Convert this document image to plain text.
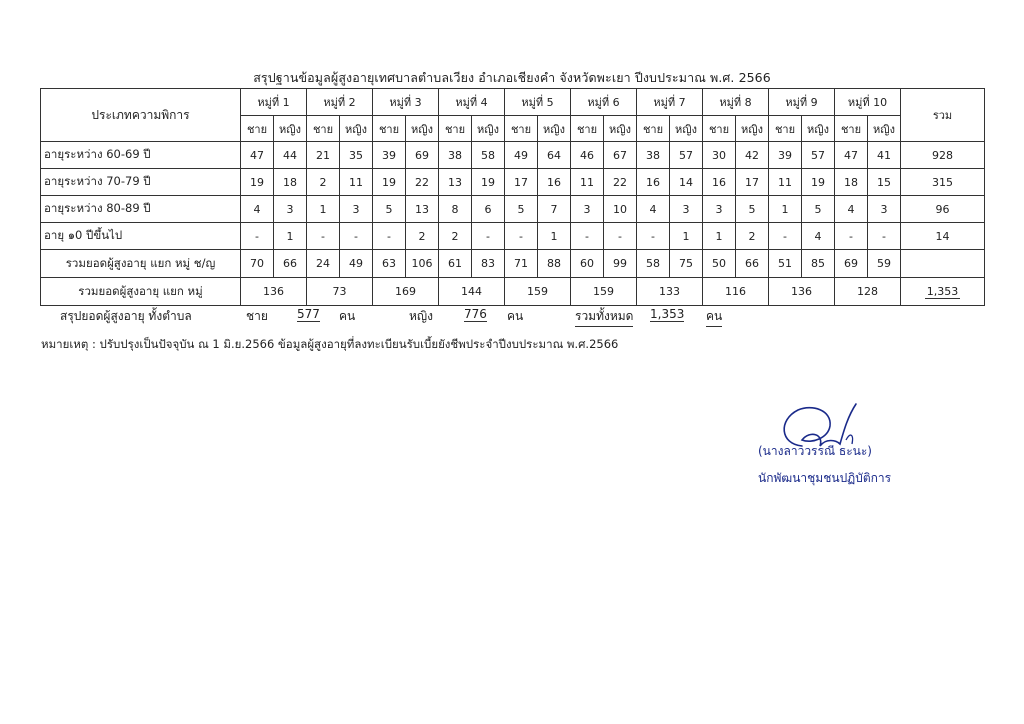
สรุปฐานข้อมูลผู้สูงอายุเทศบาลตำบลเวียง อำเภอเชียงคำ จังหวัดพะเยา ปีงบประมาณ พ.ศ. 2566
ประเภทความพิการ	หมู่ที่ 1		หมู่ที่ 2		หมู่ที่ 3		หมู่ที่ 4		หมู่ที่ 5		หมู่ที่ 6		หมู่ที่ 7		หมู่ที่ 8		หมู่ที่ 9		หมู่ที่ 10		รวม
	ชาย	หญิง	ชาย	หญิง	ชาย	หญิง	ชาย	หญิง	ชาย	หญิง	ชาย	หญิง	ชาย	หญิง	ชาย	หญิง	ชาย	หญิง	ชาย	หญิง	
อายุระหว่าง 60-69 ปี	47	44	21	35	39	69	38	58	49	64	46	67	38	57	30	42	39	57	47	41	928
อายุระหว่าง 70-79 ปี	19	18	2	11	19	22	13	19	17	16	11	22	16	14	16	17	11	19	18	15	315
อายุระหว่าง 80-89 ปี	4	3	1	3	5	13	8	6	5	7	3	10	4	3	3	5	1	5	4	3	96
อายุ ๑0 ปีขึ้นไป	-	1	-	-	-	2	2	-	-	1	-	-	-	1	1	2	-	4	-	-	14
รวมยอดผู้สูงอายุ แยก หมู่ ช/ญ	70	66	24	49	63	106	61	83	71	88	60	99	58	75	50	66	51	85	69	59	
รวมยอดผู้สูงอายุ แยก หมู่	136		73		169		144		159		159		133		116		136		128		1,353
สรุปยอดผู้สูงอายุ ทั้งตำบล	ชาย 577 คน	หญิง	776 คน	รวมทั้งหมด 1,353 คน
หมายเหตุ : ปรับปรุงเป็นปัจจุบัน ณ 1 มิ.ย.2566 ข้อมูลผู้สูงอายุที่ลงทะเบียนรับเบี้ยยังชีพประจำปีงบประมาณ พ.ศ.2566
(นางลาววรรณี ธะนะ)
นักพัฒนาชุมชนปฏิบัติการ
